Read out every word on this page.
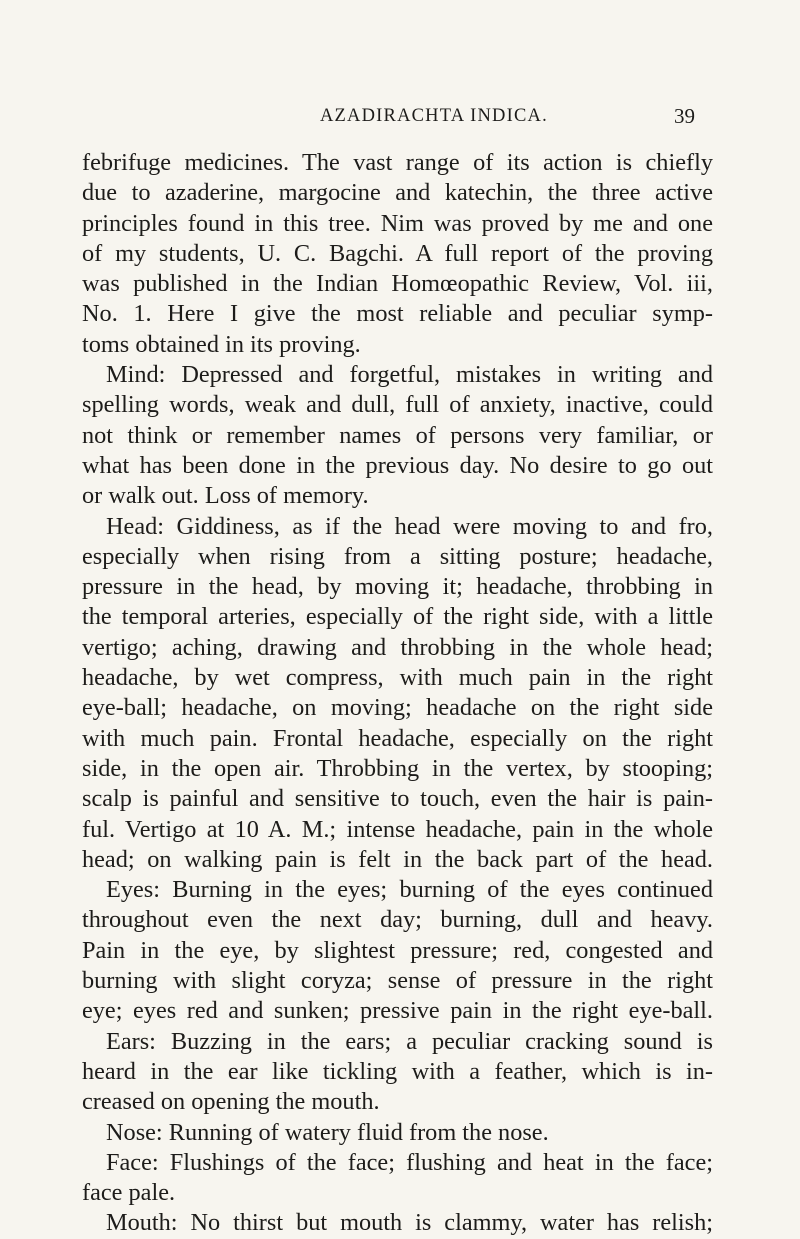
AZADIRACHTA INDICA.	39
febrifuge medicines. The vast range of its action is chiefly
due to azaderine, margocine and katechin, the three active
principles found in this tree. Nim was proved by me and one
of my students, U. C. Bagchi. A full report of the proving
was published in the Indian Homœopathic Review, Vol. iii,
No. 1. Here I give the most reliable and peculiar symp-
toms obtained in its proving.
Mind: Depressed and forgetful, mistakes in writing and
spelling words, weak and dull, full of anxiety, inactive, could
not think or remember names of persons very familiar, or
what has been done in the previous day. No desire to go out
or walk out. Loss of memory.
Head: Giddiness, as if the head were moving to and fro,
especially when rising from a sitting posture; headache,
pressure in the head, by moving it; headache, throbbing in
the temporal arteries, especially of the right side, with a little
vertigo; aching, drawing and throbbing in the whole head;
headache, by wet compress, with much pain in the right
eye-ball; headache, on moving; headache on the right side
with much pain. Frontal headache, especially on the right
side, in the open air. Throbbing in the vertex, by stooping;
scalp is painful and sensitive to touch, even the hair is pain-
ful. Vertigo at 10 A. M.; intense headache, pain in the whole
head; on walking pain is felt in the back part of the head.
Eyes: Burning in the eyes; burning of the eyes continued
throughout even the next day; burning, dull and heavy.
Pain in the eye, by slightest pressure; red, congested and
burning with slight coryza; sense of pressure in the right
eye; eyes red and sunken; pressive pain in the right eye-ball.
Ears: Buzzing in the ears; a peculiar cracking sound is
heard in the ear like tickling with a feather, which is in-
creased on opening the mouth.
Nose: Running of watery fluid from the nose.
Face: Flushings of the face; flushing and heat in the face;
face pale.
Mouth: No thirst but mouth is clammy, water has relish;
